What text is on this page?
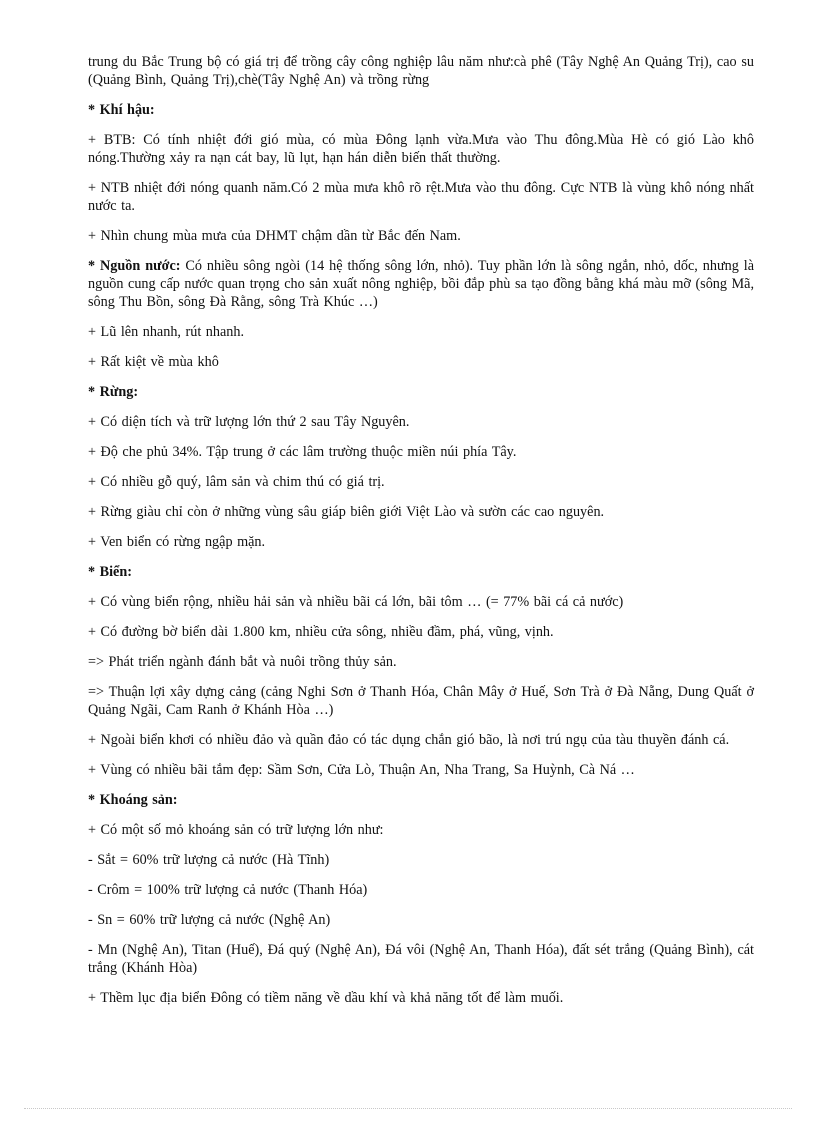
trung du Bắc Trung bộ có giá trị để trồng cây công nghiệp lâu năm như:cà phê (Tây Nghệ An Quảng Trị), cao su (Quảng Bình, Quảng Trị),chè(Tây Nghệ An) và trồng rừng

* Khí hậu:

+ BTB: Có tính nhiệt đới gió mùa, có mùa Đông lạnh vừa.Mưa vào Thu đông.Mùa Hè có gió Lào khô nóng.Thường xảy ra nạn cát bay, lũ lụt, hạn hán diễn biến thất thường.

+ NTB nhiệt đới nóng quanh năm.Có 2 mùa mưa khô rõ rệt.Mưa vào thu đông. Cực NTB là vùng khô nóng nhất nước ta.

+ Nhìn chung mùa mưa của DHMT chậm dần từ Bắc đến Nam.

* Nguồn nước: Có nhiều sông ngòi (14 hệ thống sông lớn, nhỏ). Tuy phần lớn là sông ngắn, nhỏ, dốc, nhưng là nguồn cung cấp nước quan trọng cho sản xuất nông nghiệp, bồi đắp phù sa tạo đồng bằng khá màu mỡ (sông Mã, sông Thu Bồn, sông Đà Rằng, sông Trà Khúc …)

+ Lũ lên nhanh, rút nhanh.

+ Rất kiệt về mùa khô

* Rừng:

+ Có diện tích và trữ lượng lớn thứ 2 sau Tây Nguyên.

+ Độ che phủ 34%. Tập trung ở các lâm trường thuộc miền núi phía Tây.

+ Có nhiều gỗ quý, lâm sản và chim thú có giá trị.

+ Rừng giàu chỉ còn ở những vùng sâu giáp biên giới Việt Lào và sườn các cao nguyên.

+ Ven biển có rừng ngập mặn.

* Biển:

+ Có vùng biển rộng, nhiều hải sản và nhiều bãi cá lớn, bãi tôm … (= 77% bãi cá cả nước)

+ Có đường bờ biển dài 1.800 km, nhiều cửa sông, nhiều đầm, phá, vũng, vịnh.

=> Phát triển ngành đánh bắt và nuôi trồng thủy sản.

=> Thuận lợi xây dựng cảng (cảng Nghi Sơn ở Thanh Hóa, Chân Mây ở Huế, Sơn Trà ở Đà Nẵng, Dung Quất ở Quảng Ngãi, Cam Ranh ở Khánh Hòa …)

+ Ngoài biển khơi có nhiều đảo và quần đảo có tác dụng chắn gió bão, là nơi trú ngụ của tàu thuyền đánh cá.

+ Vùng có nhiều bãi tắm đẹp: Sầm Sơn, Cửa Lò, Thuận An, Nha Trang, Sa Huỳnh, Cà Ná …

* Khoáng sản:

+ Có một số mỏ khoáng sản có trữ lượng lớn như:

- Sắt = 60% trữ lượng cả nước (Hà Tĩnh)

- Crôm = 100% trữ lượng cả nước (Thanh Hóa)

- Sn = 60% trữ lượng cả nước (Nghệ An)

- Mn (Nghệ An), Titan (Huế), Đá quý (Nghệ An), Đá vôi (Nghệ An, Thanh Hóa), đất sét trắng (Quảng Bình), cát trắng (Khánh Hòa)

+ Thềm lục địa biển Đông có tiềm năng về dầu khí và khả năng tốt để làm muối.
